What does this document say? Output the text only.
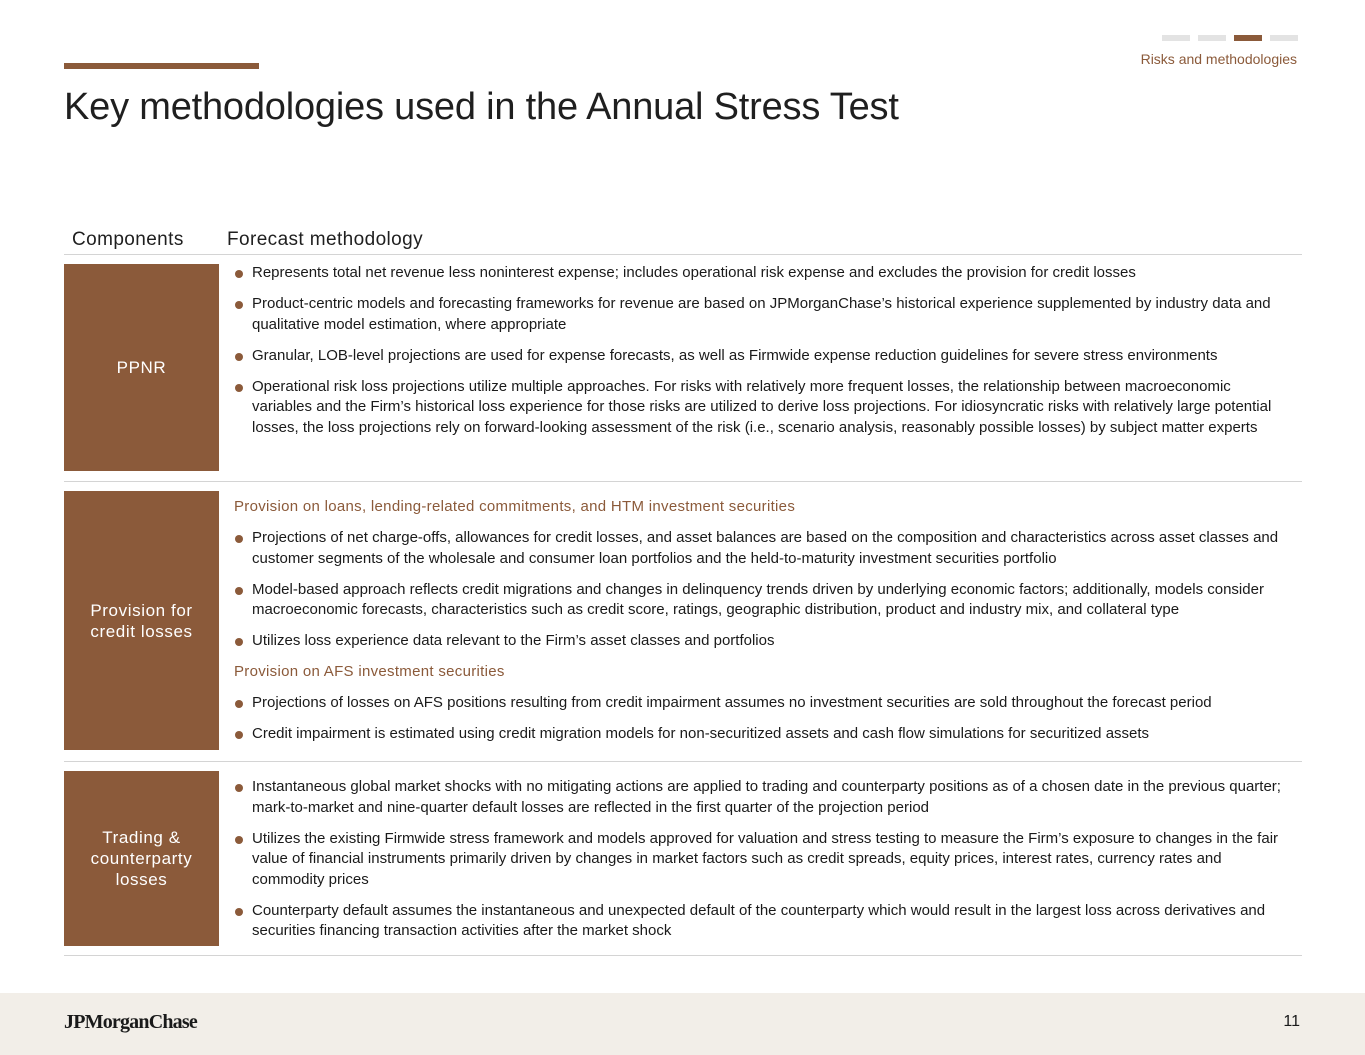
Risks and methodologies
Key methodologies used in the Annual Stress Test
Components Forecast methodology
PPNR
Represents total net revenue less noninterest expense; includes operational risk expense and excludes the provision for credit losses
Product-centric models and forecasting frameworks for revenue are based on JPMorganChase’s historical experience supplemented by industry data and qualitative model estimation, where appropriate
Granular, LOB-level projections are used for expense forecasts, as well as Firmwide expense reduction guidelines for severe stress environments
Operational risk loss projections utilize multiple approaches. For risks with relatively more frequent losses, the relationship between macroeconomic variables and the Firm’s historical loss experience for those risks are utilized to derive loss projections. For idiosyncratic risks with relatively large potential losses, the loss projections rely on forward-looking assessment of the risk (i.e., scenario analysis, reasonably possible losses) by subject matter experts
Provision for credit losses
Provision on loans, lending-related commitments, and HTM investment securities
Projections of net charge-offs, allowances for credit losses, and asset balances are based on the composition and characteristics across asset classes and customer segments of the wholesale and consumer loan portfolios and the held-to-maturity investment securities portfolio
Model-based approach reflects credit migrations and changes in delinquency trends driven by underlying economic factors; additionally, models consider macroeconomic forecasts, characteristics such as credit score, ratings, geographic distribution, product and industry mix, and collateral type
Utilizes loss experience data relevant to the Firm’s asset classes and portfolios
Provision on AFS investment securities
Projections of losses on AFS positions resulting from credit impairment assumes no investment securities are sold throughout the forecast period
Credit impairment is estimated using credit migration models for non-securitized assets and cash flow simulations for securitized assets
Trading & counterparty losses
Instantaneous global market shocks with no mitigating actions are applied to trading and counterparty positions as of a chosen date in the previous quarter; mark-to-market and nine-quarter default losses are reflected in the first quarter of the projection period
Utilizes the existing Firmwide stress framework and models approved for valuation and stress testing to measure the Firm’s exposure to changes in the fair value of financial instruments primarily driven by changes in market factors such as credit spreads, equity prices, interest rates, currency rates and commodity prices
Counterparty default assumes the instantaneous and unexpected default of the counterparty which would result in the largest loss across derivatives and securities financing transaction activities after the market shock
JPMorganChase	11
